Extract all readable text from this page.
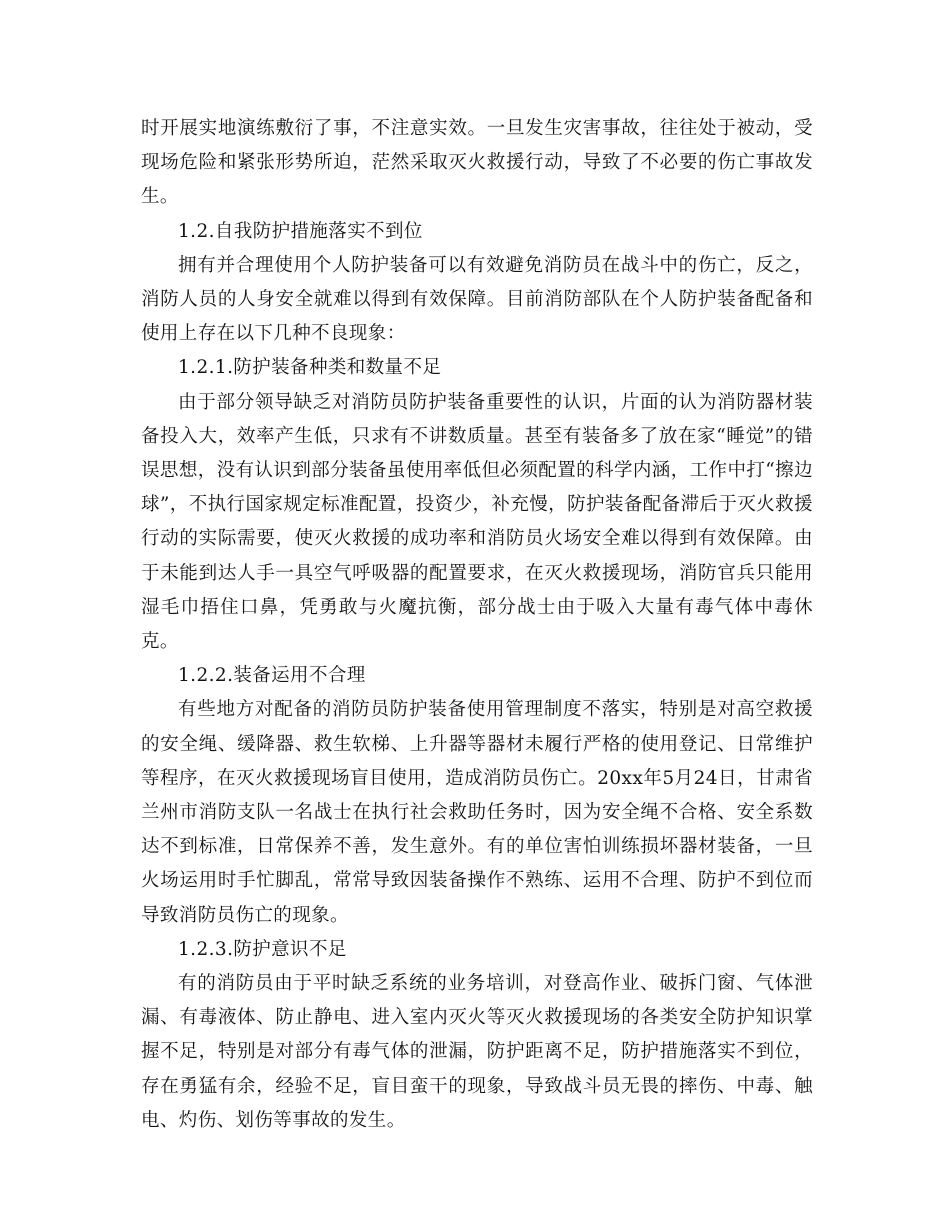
时开展实地演练敷衍了事，不注意实效。一旦发生灾害事故，往往处于被动，受现场危险和紧张形势所迫，茫然采取灭火救援行动，导致了不必要的伤亡事故发生。

1.2.自我防护措施落实不到位

拥有并合理使用个人防护装备可以有效避免消防员在战斗中的伤亡，反之，消防人员的人身安全就难以得到有效保障。目前消防部队在个人防护装备配备和使用上存在以下几种不良现象：

1.2.1.防护装备种类和数量不足

由于部分领导缺乏对消防员防护装备重要性的认识，片面的认为消防器材装备投入大，效率产生低，只求有不讲数质量。甚至有装备多了放在家“睡觉”的错误思想，没有认识到部分装备虽使用率低但必须配置的科学内涵，工作中打“擦边球”，不执行国家规定标准配置，投资少，补充慢，防护装备配备滞后于灭火救援行动的实际需要，使灭火救援的成功率和消防员火场安全难以得到有效保障。由于未能到达人手一具空气呼吸器的配置要求，在灭火救援现场，消防官兵只能用湿毛巾捂住口鼻，凭勇敢与火魔抗衡，部分战士由于吸入大量有毒气体中毒休克。

1.2.2.装备运用不合理

有些地方对配备的消防员防护装备使用管理制度不落实，特别是对高空救援的安全绳、缓降器、救生软梯、上升器等器材未履行严格的使用登记、日常维护等程序，在灭火救援现场盲目使用，造成消防员伤亡。20xx年5月24日，甘肃省兰州市消防支队一名战士在执行社会救助任务时，因为安全绳不合格、安全系数达不到标准，日常保养不善，发生意外。有的单位害怕训练损坏器材装备，一旦火场运用时手忙脚乱，常常导致因装备操作不熟练、运用不合理、防护不到位而导致消防员伤亡的现象。

1.2.3.防护意识不足

有的消防员由于平时缺乏系统的业务培训，对登高作业、破拆门窗、气体泄漏、有毒液体、防止静电、进入室内灭火等灭火救援现场的各类安全防护知识掌握不足，特别是对部分有毒气体的泄漏，防护距离不足，防护措施落实不到位，存在勇猛有余，经验不足，盲目蛮干的现象，导致战斗员无畏的摔伤、中毒、触电、灼伤、划伤等事故的发生。
